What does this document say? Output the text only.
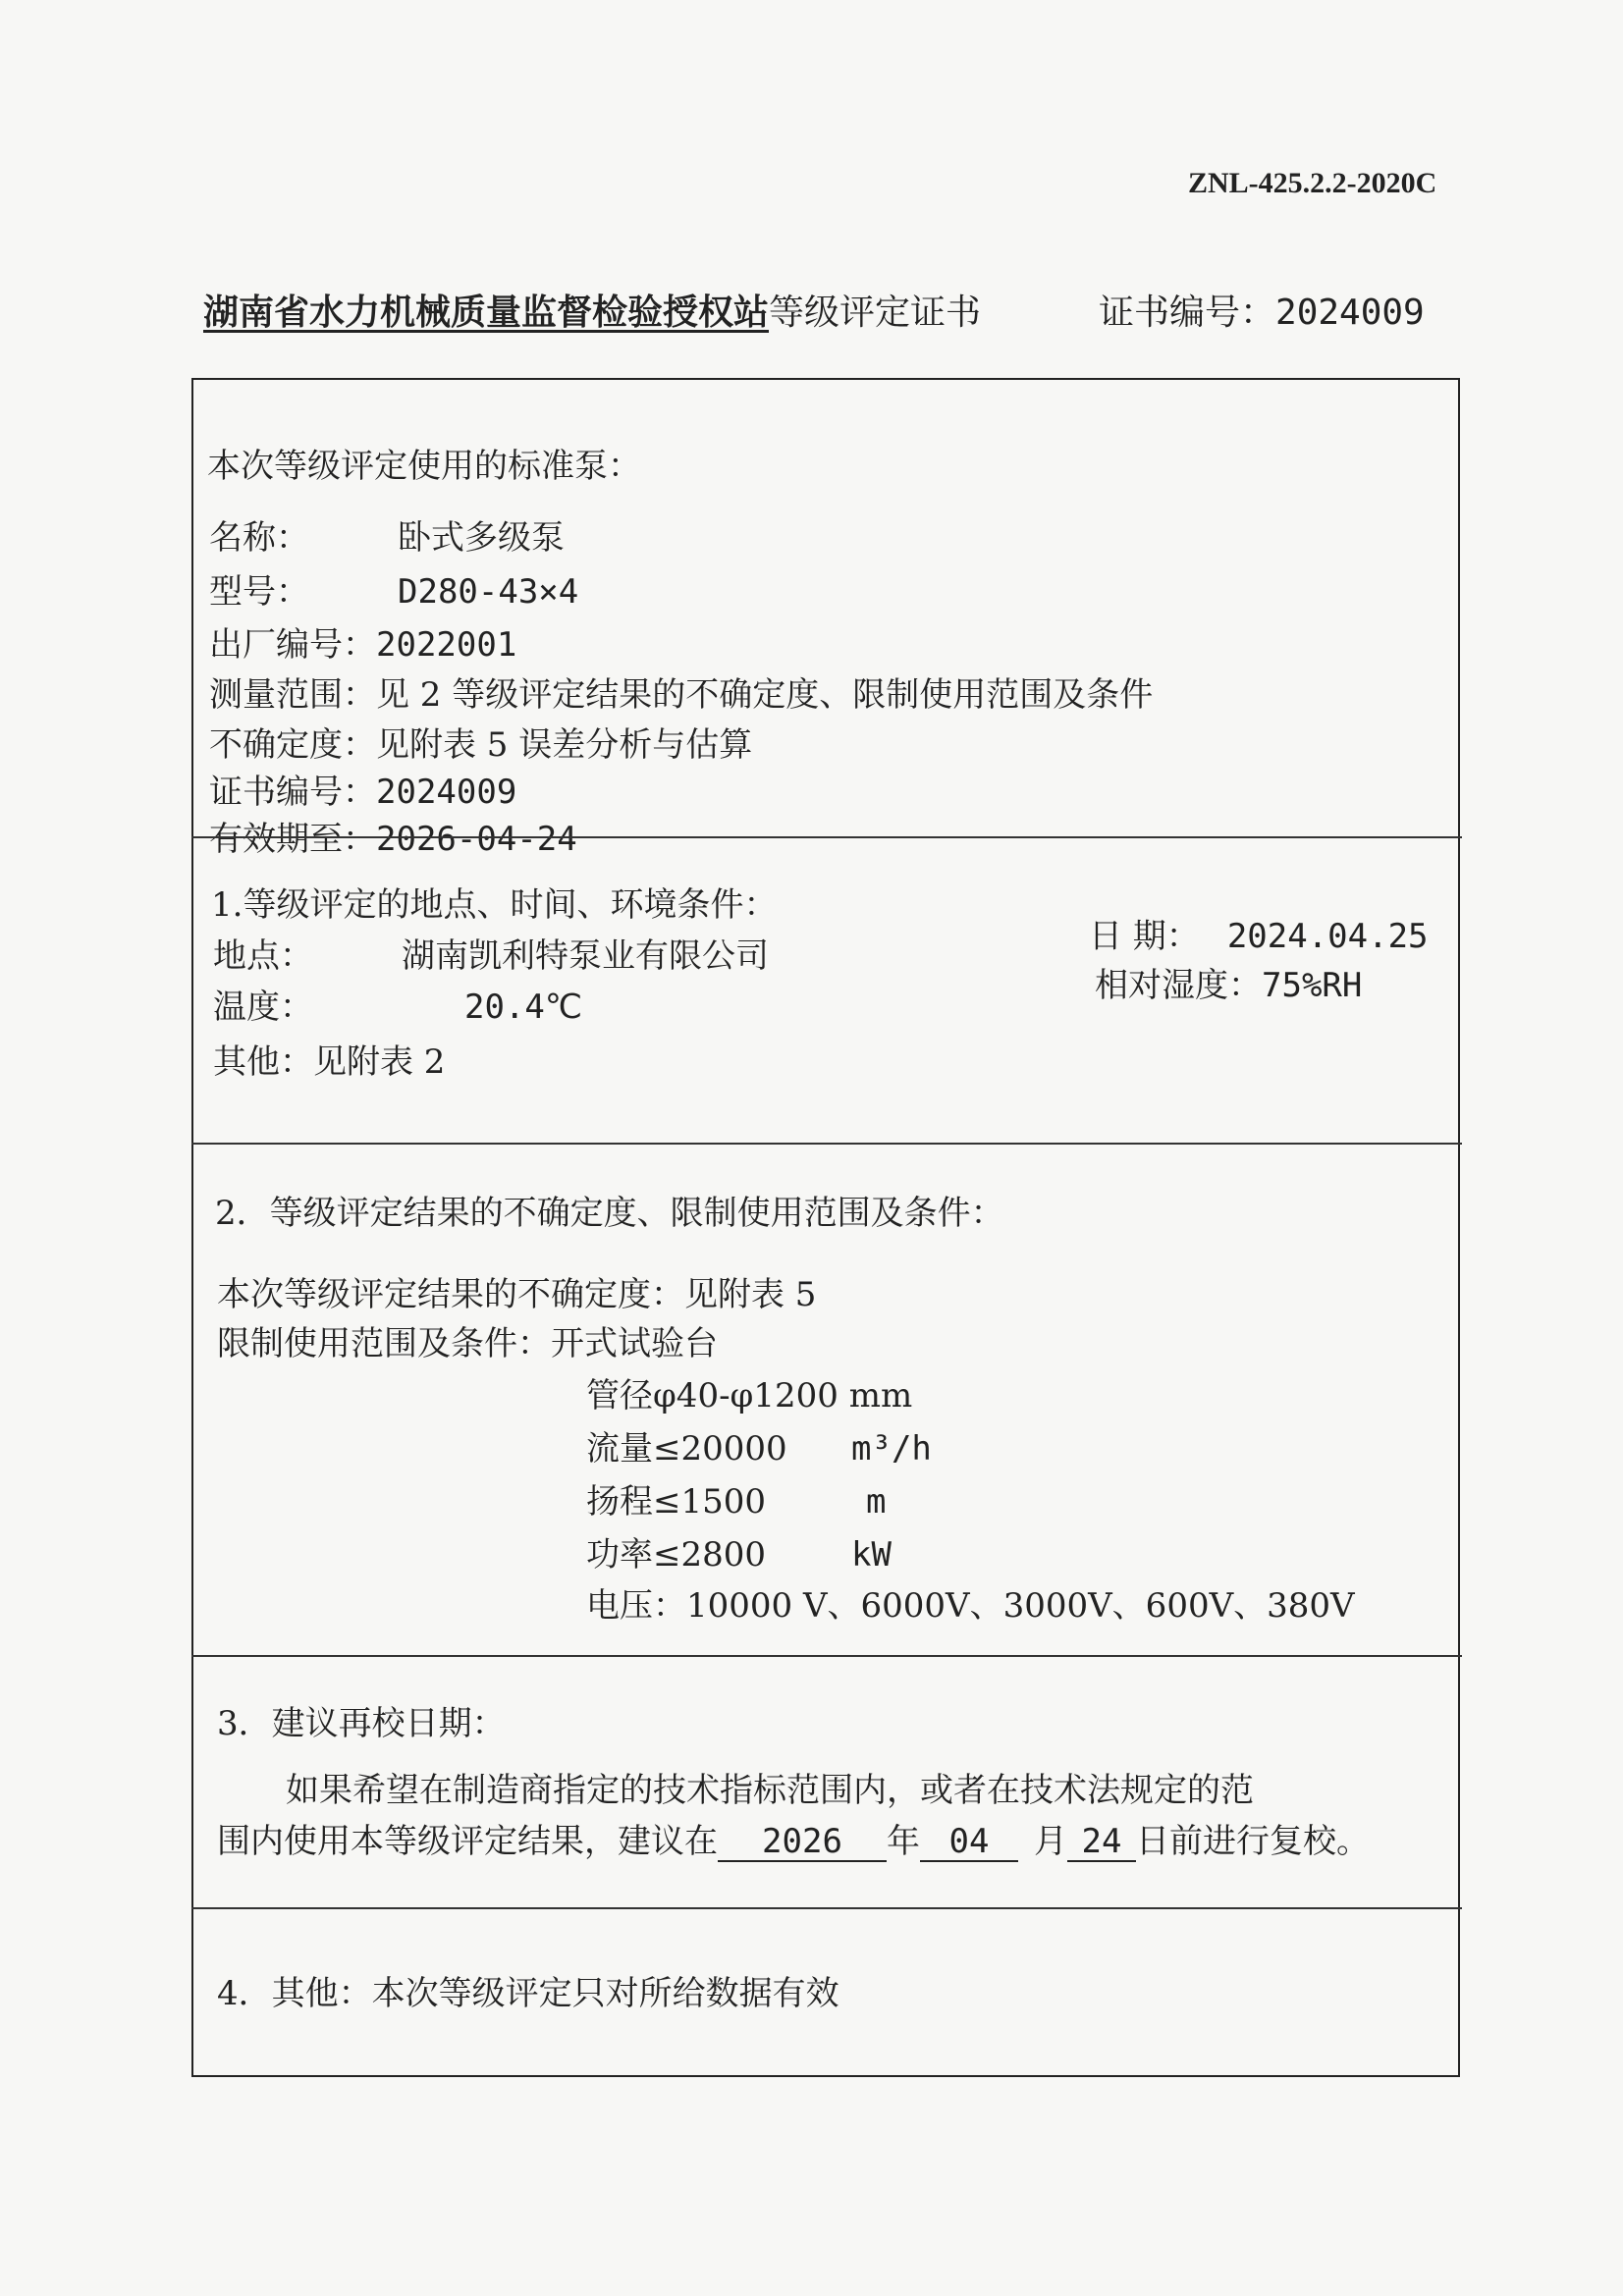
ZNL-425.2.2-2020C
湖南省水力机械质量监督检验授权站等级评定证书	证书编号：2024009
本次等级评定使用的标准泵：
名称：	卧式多级泵
型号：	D280-43×4
出厂编号：2022001
测量范围：见 2 等级评定结果的不确定度、限制使用范围及条件
不确定度：见附表 5 误差分析与估算
证书编号：2024009
有效期至：2026-04-24
1.等级评定的地点、时间、环境条件：
地点：	湖南凯利特泵业有限公司	日 期： 2024.04.25
温度：	20.4℃
相对湿度：75%RH
其他：见附表 2
2．等级评定结果的不确定度、限制使用范围及条件：
本次等级评定结果的不确定度：见附表 5
限制使用范围及条件：开式试验台
管径φ40-φ1200 mm
流量≤20000 m³/h
扬程≤1500	m
功率≤2800	kW
电压：10000 V、6000V、3000V、600V、380V
3．建议再校日期：
如果希望在制造商指定的技术指标范围内，或者在技术法规定的范
围内使用本等级评定结果，建议在 2026 年 04 月 24 日前进行复校。
4．其他：本次等级评定只对所给数据有效
